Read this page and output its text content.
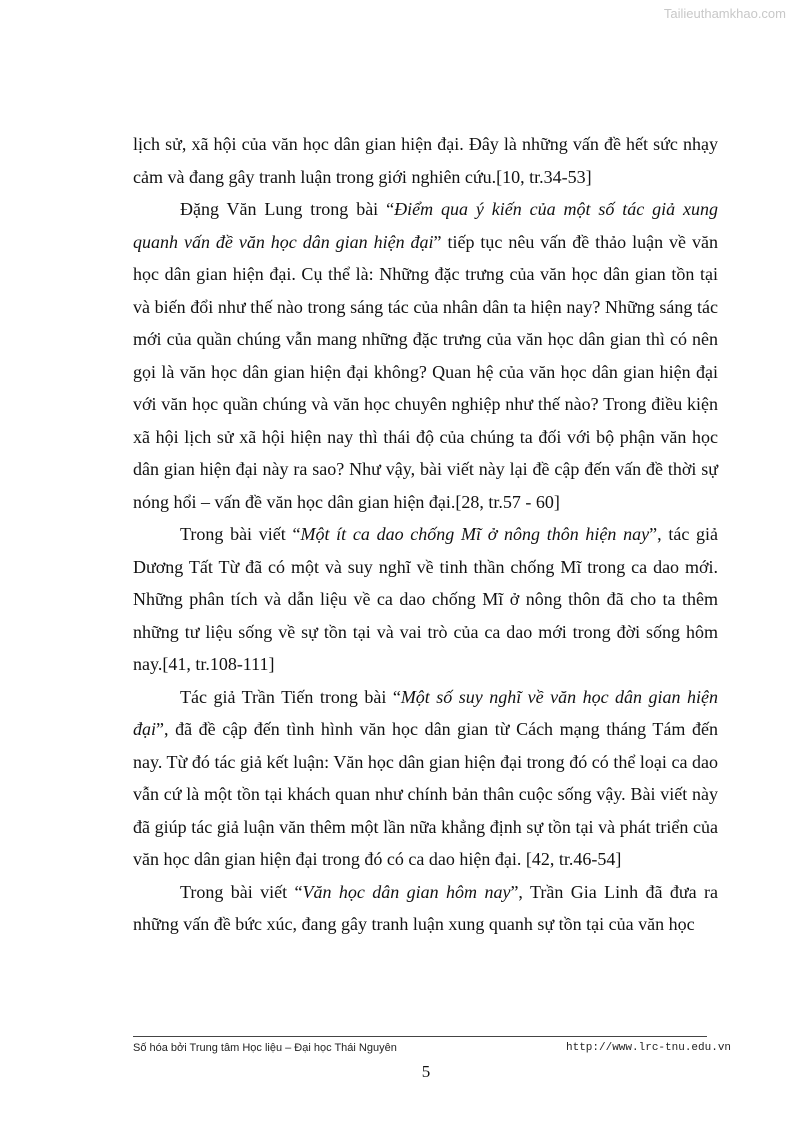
Tailieuthamkhao.com

lịch sử, xã hội của văn học dân gian hiện đại. Đây là những vấn đề hết sức nhạy cảm và đang gây tranh luận trong giới nghiên cứu.[10, tr.34-53]

Đặng Văn Lung trong bài “Điểm qua ý kiến của một số tác giả xung quanh vấn đề văn học dân gian hiện đại” tiếp tục nêu vấn đề thảo luận về văn học dân gian hiện đại. Cụ thể là: Những đặc trưng của văn học dân gian tồn tại và biến đổi như thế nào trong sáng tác của nhân dân ta hiện nay? Những sáng tác mới của quần chúng vẫn mang những đặc trưng của văn học dân gian thì có nên gọi là văn học dân gian hiện đại không? Quan hệ của văn học dân gian hiện đại với văn học quần chúng và văn học chuyên nghiệp như thế nào? Trong điều kiện xã hội lịch sử xã hội hiện nay thì thái độ của chúng ta đối với bộ phận văn học dân gian hiện đại này ra sao? Như vậy, bài viết này lại đề cập đến vấn đề thời sự nóng hổi – vấn đề văn học dân gian hiện đại.[28, tr.57 - 60]

Trong bài viết “Một ít ca dao chống Mĩ ở nông thôn hiện nay”, tác giả Dương Tất Từ đã có một và suy nghĩ về tinh thần chống Mĩ trong ca dao mới. Những phân tích và dẫn liệu về ca dao chống Mĩ ở nông thôn đã cho ta thêm những tư liệu sống về sự tồn tại và vai trò của ca dao mới trong đời sống hôm nay.[41, tr.108-111]

Tác giả Trần Tiến trong bài “Một số suy nghĩ về văn học dân gian hiện đại”, đã đề cập đến tình hình văn học dân gian từ Cách mạng tháng Tám đến nay. Từ đó tác giả kết luận: Văn học dân gian hiện đại trong đó có thể loại ca dao vẫn cứ là một tồn tại khách quan như chính bản thân cuộc sống vậy. Bài viết này đã giúp tác giả luận văn thêm một lần nữa khẳng định sự tồn tại và phát triển của văn học dân gian hiện đại trong đó có ca dao hiện đại. [42, tr.46-54]

Trong bài viết “Văn học dân gian hôm nay”, Trần Gia Linh đã đưa ra những vấn đề bức xúc, đang gây tranh luận xung quanh sự tồn tại của văn học

Số hóa bởi Trung tâm Học liệu – Đại học Thái Nguyên	http://www.lrc-tnu.edu.vn
5
